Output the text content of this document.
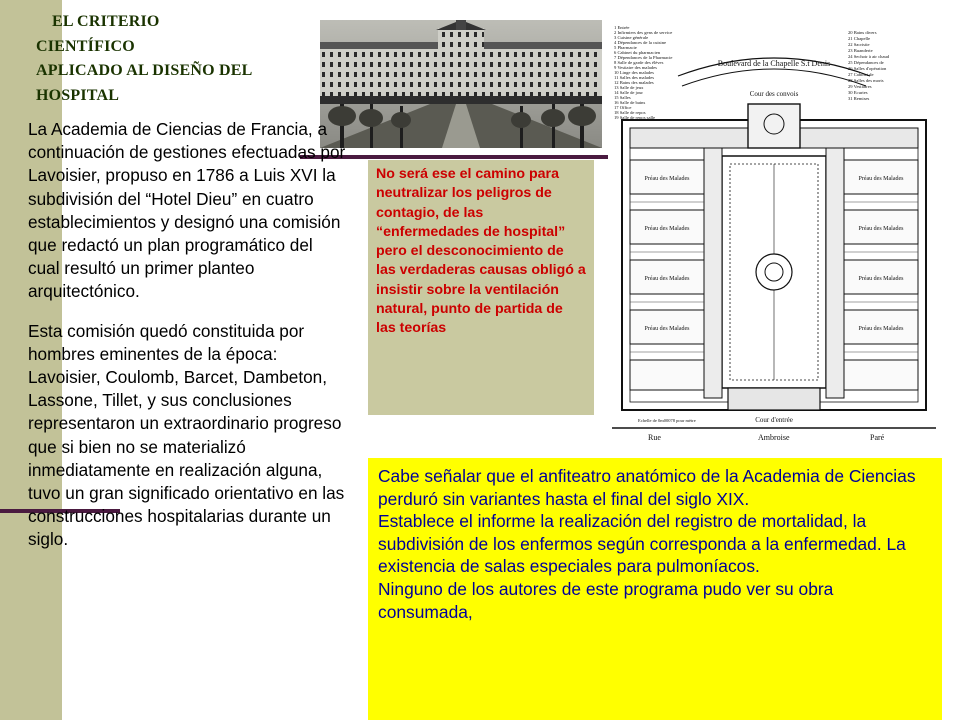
EL CRITERIO
CIENTÍFICO
APLICADO AL DISEÑO DEL
HOSPITAL

La Academia de Ciencias de Francia, a continuación de gestiones efectuadas por Lavoisier, propuso en 1786 a Luis XVI la subdivisión del “Hotel Dieu” en cuatro establecimientos y designó una comisión que redactó un plan programático del cual resultó un primer planteo arquitectónico.

Esta comisión quedó constituida por hombres eminentes de la época: Lavoisier, Coulomb, Barcet, Dambeton, Lassone, Tillet, y sus conclusiones representaron un extraordinario progreso que si bien no se materializó inmediatamente en realización alguna, tuvo un gran significado orientativo en las construcciones hospitalarias durante un siglo.

No será ese el camino para neutralizar los peligros de contagio, de las “enfermedades de hospital” pero el desconocimiento de las verdaderas causas obligó a insistir sobre la ventilación natural, punto de partida de las teorías
1 Entrée
2 Infirmiers des gens de service
3 Cuisine générale
4 Dépendances de la cuisine
5 Pharmacie
6 Cabinet du pharmacien
7 Dépendances de la Pharmacie
8 Salle de garde des élèves
9 Vestiaire des malades
10 Linge des malades
11 Salles des malades
12 Bains des malades
13 Salle de jeux
14 Salle de jour
15 Salles
16 Salle de bains
17 Office
18 Salle de repos
19 Salle de repos salle
20 Bains divers
21 Chapelle
22 Sacristie
23 Buanderie
24 Sechoir à air chaud
25 Dépendances de
26 Salles d'opération
27 Cabinet de
28 Salles des morts
29 Vestiaires
30 Ecuries
31 Remises
Boulevard de la Chapelle S.t Denis
Cour des convois
Préau des Malades
Préau des Malades
Préau des Malades
Préau des Malades
Préau des Malades
Préau des Malades
Préau des Malades
Préau des Malades
Cour d'entrée
Echelle de 0m00078 pour mètre
Rue	Ambroise	Paré

Cabe señalar que el anfiteatro anatómico de la Academia de Ciencias perduró sin variantes hasta el final del siglo XIX.

Establece el informe la realización del registro de mortalidad, la subdivisión de los enfermos según corresponda a la enfermedad. La existencia de salas especiales para pulmoníacos.

Ninguno de los autores de este programa pudo ver su obra consumada,
